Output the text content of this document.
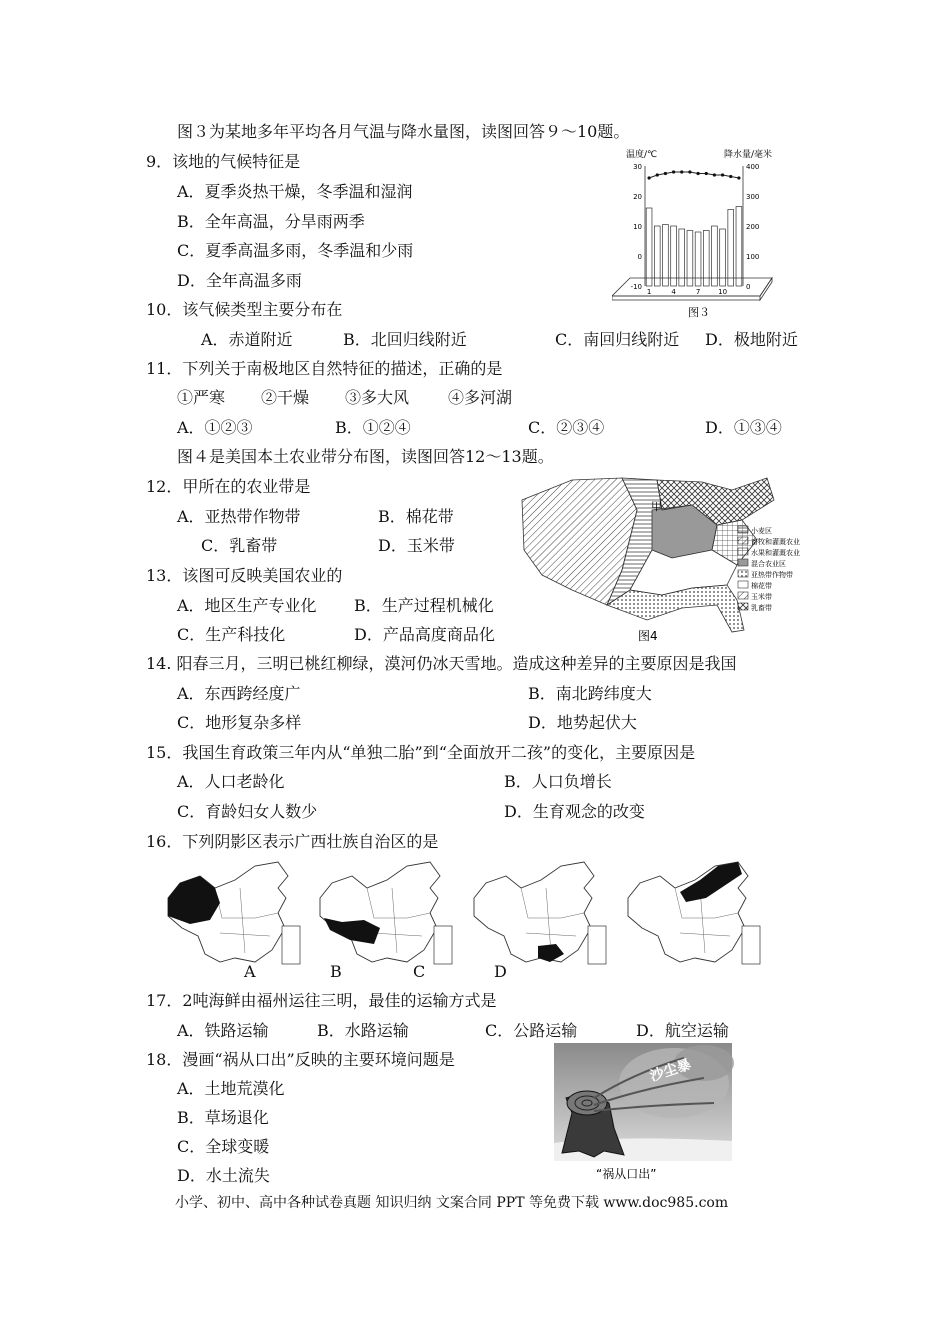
图３为某地多年平均各月气温与降水量图，读图回答９～10题。
9．该地的气候特征是
A．夏季炎热干燥，冬季温和湿润
B．全年高温，分旱雨两季
C．夏季高温多雨，冬季温和少雨
D．全年高温多雨
温度/℃	降水量/毫米
30
20
10
0
-10
400
300
200
100
0
1	4	7	10
图３
10．该气候类型主要分布在
A．赤道附近	B．北回归线附近	C．南回归线附近 D．极地附近
11．下列关于南极地区自然特征的描述，正确的是
①严寒 ②干燥 ③多大风 ④多河湖
A．①②③	B．①②④	C．②③④	D．①③④
图４是美国本土农业带分布图，读图回答12～13题。
12．甲所在的农业带是
A．亚热带作物带	B．棉花带
C．乳畜带	D．玉米带
甲
小麦区
畜牧和灌溉农业
水果和灌溉农业
混合农业区
亚热带作物带
棉花带
玉米带
乳畜带
图4
13．该图可反映美国农业的
A．地区生产专业化 B．生产过程机械化
C．生产科技化	D．产品高度商品化
14. 阳春三月，三明已桃红柳绿，漠河仍冰天雪地。造成这种差异的主要原因是我国
A．东西跨经度广	B．南北跨纬度大
C．地形复杂多样	D．地势起伏大
15．我国生育政策三年内从“单独二胎”到“全面放开二孩”的变化，主要原因是
A．人口老龄化	B．人口负增长
C．育龄妇女人数少	D．生育观念的改变
16．下列阴影区表示广西壮族自治区的是
A	B	C	D
17．2吨海鲜由福州运往三明，最佳的运输方式是
A．铁路运输	B．水路运输	C．公路运输	D．航空运输
18．漫画“祸从口出”反映的主要环境问题是
A．土地荒漠化
B．草场退化
C．全球变暖
D．水土流失
沙尘暴
“祸从口出”
小学、初中、高中各种试卷真题 知识归纳 文案合同 PPT 等免费下载 www.doc985.com
